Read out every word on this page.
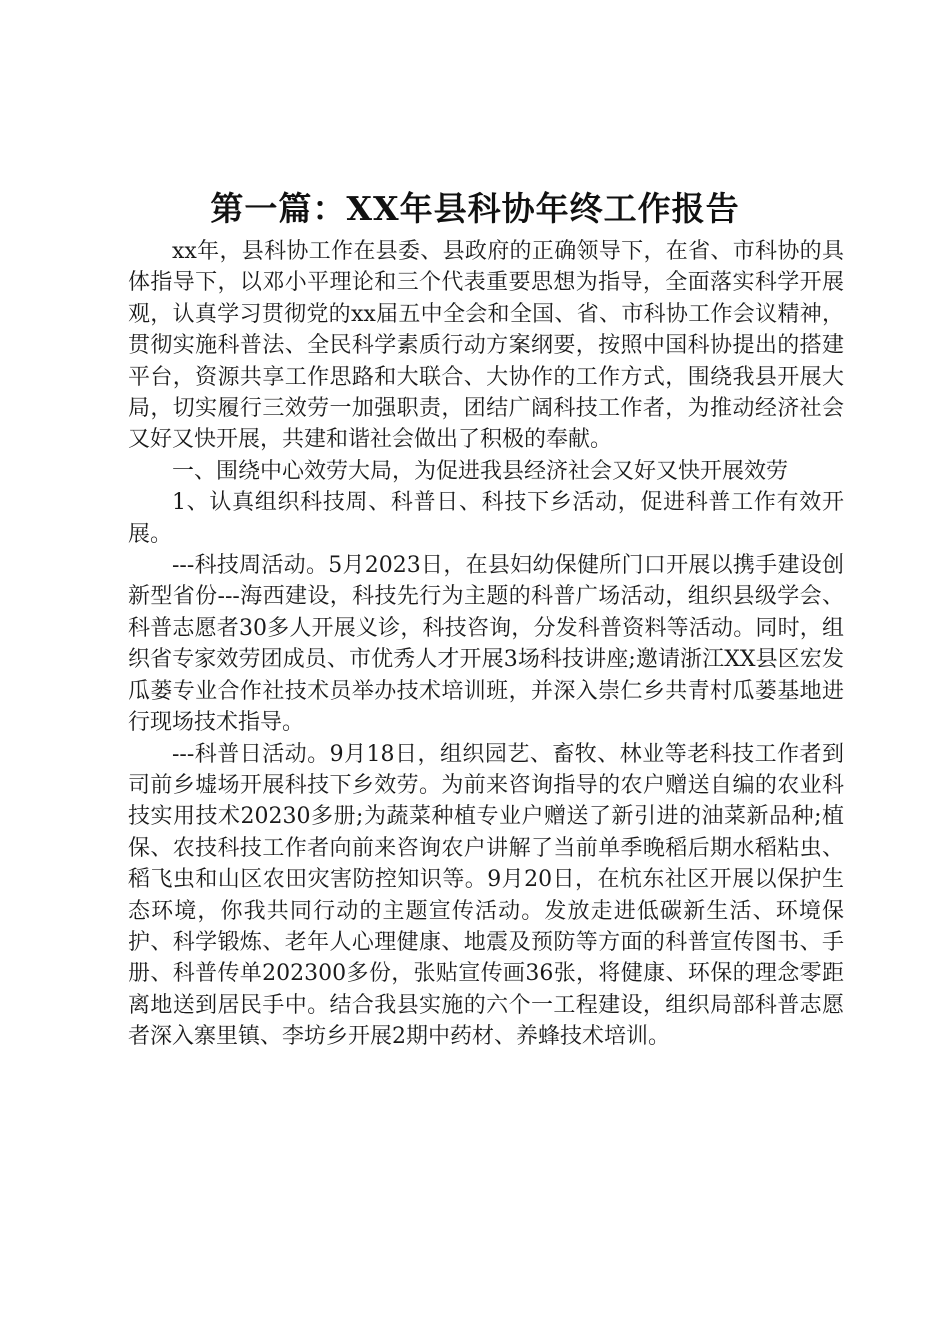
第一篇：XX年县科协年终工作报告

xx年，县科协工作在县委、县政府的正确领导下，在省、市科协的具体指导下，以邓小平理论和三个代表重要思想为指导，全面落实科学开展观，认真学习贯彻党的xx届五中全会和全国、省、市科协工作会议精神，贯彻实施科普法、全民科学素质行动方案纲要，按照中国科协提出的搭建平台，资源共享工作思路和大联合、大协作的工作方式，围绕我县开展大局，切实履行三效劳一加强职责，团结广阔科技工作者，为推动经济社会又好又快开展，共建和谐社会做出了积极的奉献。

一、围绕中心效劳大局，为促进我县经济社会又好又快开展效劳

1、认真组织科技周、科普日、科技下乡活动，促进科普工作有效开展。

---科技周活动。5月2023日，在县妇幼保健所门口开展以携手建设创新型省份---海西建设，科技先行为主题的科普广场活动，组织县级学会、科普志愿者30多人开展义诊，科技咨询，分发科普资料等活动。同时，组织省专家效劳团成员、市优秀人才开展3场科技讲座;邀请浙江XX县区宏发瓜蒌专业合作社技术员举办技术培训班，并深入崇仁乡共青村瓜蒌基地进行现场技术指导。

---科普日活动。9月18日，组织园艺、畜牧、林业等老科技工作者到司前乡墟场开展科技下乡效劳。为前来咨询指导的农户赠送自编的农业科技实用技术20230多册;为蔬菜种植专业户赠送了新引进的油菜新品种;植保、农技科技工作者向前来咨询农户讲解了当前单季晚稻后期水稻粘虫、稻飞虫和山区农田灾害防控知识等。9月20日，在杭东社区开展以保护生态环境，你我共同行动的主题宣传活动。发放走进低碳新生活、环境保护、科学锻炼、老年人心理健康、地震及预防等方面的科普宣传图书、手册、科普传单202300多份，张贴宣传画36张，将健康、环保的理念零距离地送到居民手中。结合我县实施的六个一工程建设，组织局部科普志愿者深入寨里镇、李坊乡开展2期中药材、养蜂技术培训。
